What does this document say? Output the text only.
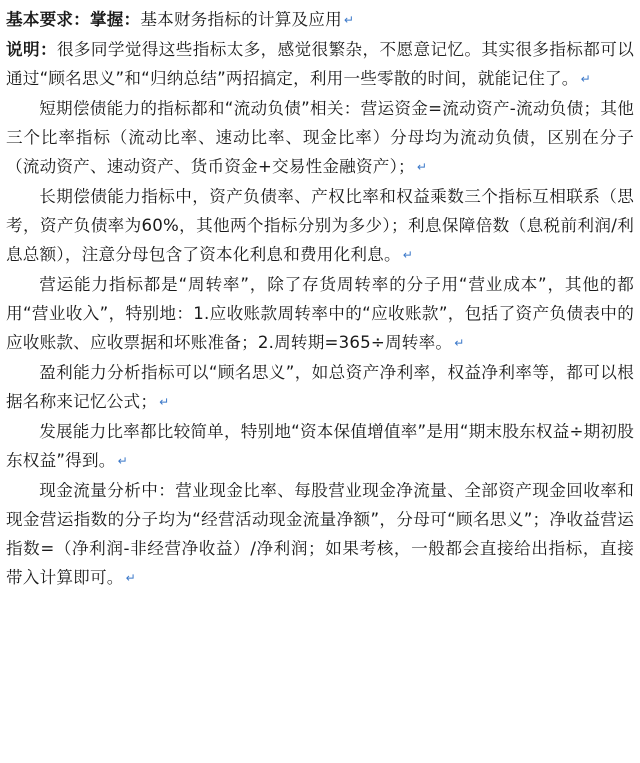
基本要求：掌握：基本财务指标的计算及应用 ↵

说明：很多同学觉得这些指标太多，感觉很繁杂，不愿意记忆。其实很多指标都可以通过“顾名思义”和“归纳总结”两招搞定，利用一些零散的时间，就能记住了。 ↵

短期偿债能力的指标都和“流动负债”相关：营运资金=流动资产-流动负债；其他三个比率指标（流动比率、速动比率、现金比率）分母均为流动负债，区别在分子（流动资产、速动资产、货币资金+交易性金融资产）； ↵

长期偿债能力指标中，资产负债率、产权比率和权益乘数三个指标互相联系（思考，资产负债率为60%，其他两个指标分别为多少）；利息保障倍数（息税前利润/利息总额），注意分母包含了资本化利息和费用化利息。 ↵

营运能力指标都是“周转率”，除了存货周转率的分子用“营业成本”，其他的都用“营业收入”，特别地：1.应收账款周转率中的“应收账款”，包括了资产负债表中的应收账款、应收票据和坏账准备；2.周转期=365÷周转率。 ↵

盈利能力分析指标可以“顾名思义”，如总资产净利率，权益净利率等，都可以根据名称来记忆公式； ↵

发展能力比率都比较简单，特别地“资本保值增值率”是用“期末股东权益÷期初股东权益”得到。 ↵

现金流量分析中：营业现金比率、每股营业现金净流量、全部资产现金回收率和现金营运指数的分子均为“经营活动现金流量净额”，分母可“顾名思义”；净收益营运指数=（净利润-非经营净收益）/净利润；如果考核，一般都会直接给出指标，直接带入计算即可。 ↵
